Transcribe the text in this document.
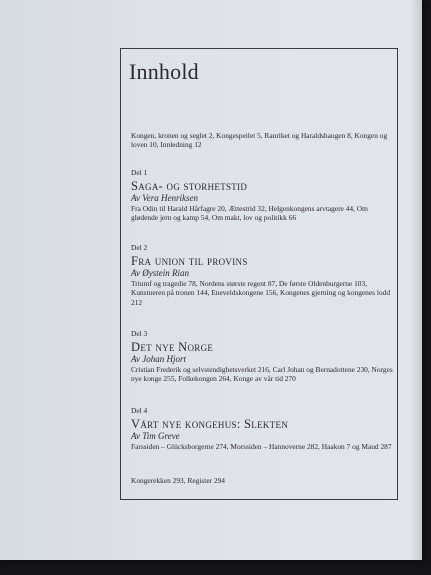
Innhold
Kongen, kronen og seglet 2, Kongespeilet 5, Ranriket og Haraldshaugen 8, Kongen og loven 10, Innledning 12
Del 1
Saga- og storhetstid
Av Vera Henriksen
Fra Odin til Harald Hårfagre 20, Ættestrid 32, Helgenkongens arvtagere 44, Om glødende jern og kamp 54, Om makt, lov og politikk 66
Del 2
Fra union til provins
Av Øystein Rian
Triumf og tragedie 78, Nordens største regent 87, De første Oldenburgerne 103, Kunstneren på tronen 144, Eneveldskongene 156, Kongenes gjerning og kongenes lodd 212
Del 3
Det nye Norge
Av Johan Hjort
Cristian Frederik og selvstendighetsverket 216, Carl Johan og Bernadottene 230, Norges nye konge 255, Folkekongen 264, Konge av vår tid 270
Del 4
Vårt nye kongehus: Slekten
Av Tim Greve
Farssiden – Glücksborgerne 274, Morssiden – Hannoverne 282, Haakon 7 og Maud 287
Kongerekken 293, Register 294
